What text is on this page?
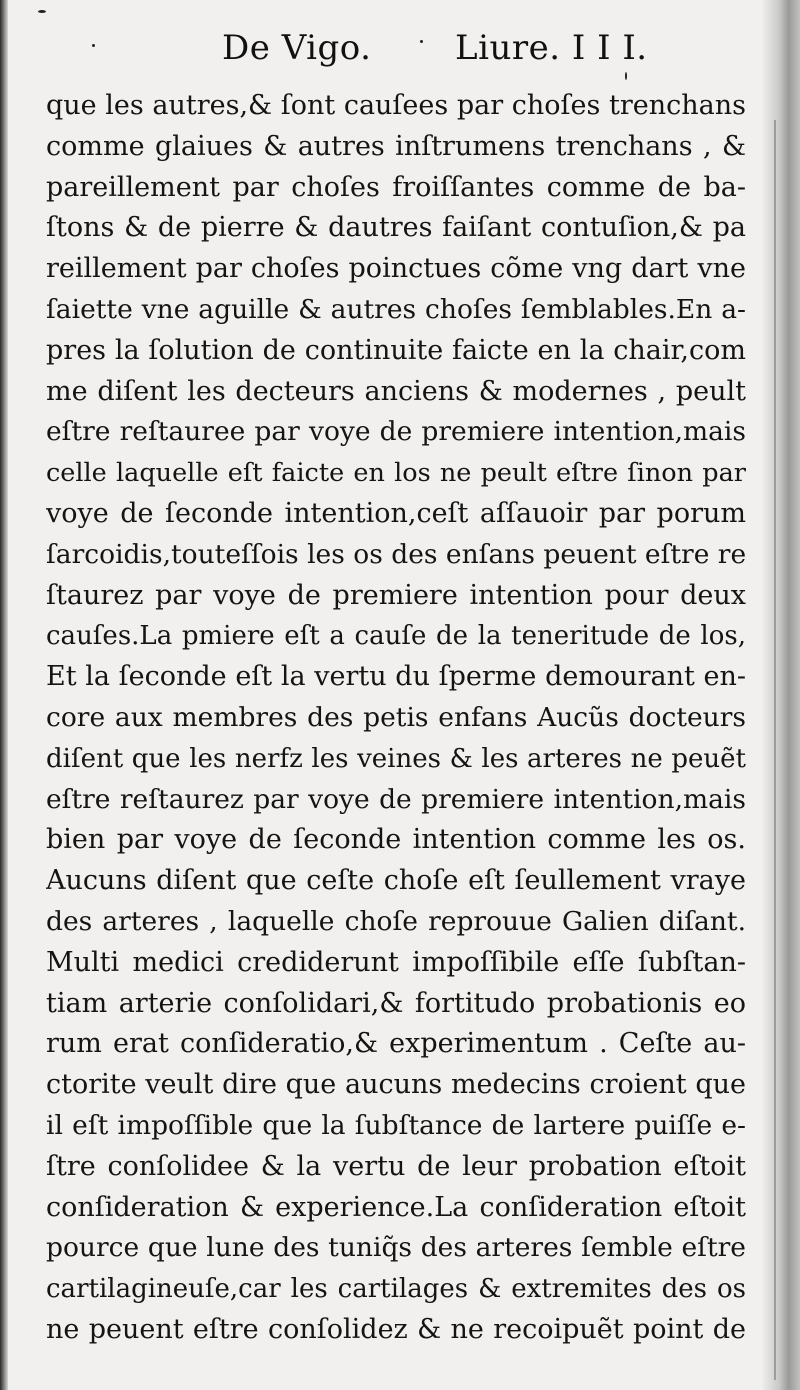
De Vigo. Liure. I I I.
que les autres,& ſont cauſees par choſes trenchans
comme glaiues & autres inſtrumens trenchans , &
pareillement par choſes froiſſantes comme de ba-
ſtons & de pierre & dautres faiſant contuſion,& pa
reillement par choſes poinctues cõme vng dart vne
ſaiette vne aguille & autres choſes ſemblables.En a-
pres la ſolution de continuite faicte en la chair,com
me diſent les decteurs anciens & modernes , peult
eſtre reſtauree par voye de premiere intention,mais
celle laquelle eſt faicte en los ne peult eſtre ſinon par
voye de ſeconde intention,ceſt aſſauoir par porum
ſarcoidis,touteſſois les os des enſans peuent eſtre re
ſtaurez par voye de premiere intention pour deux
cauſes.La pmiere eſt a cauſe de la teneritude de los,
Et la ſeconde eſt la vertu du ſperme demourant en-
core aux membres des petis enfans Aucũs docteurs
diſent que les nerfz les veines & les arteres ne peuẽt
eſtre reſtaurez par voye de premiere intention,mais
bien par voye de ſeconde intention comme les os.
Aucuns diſent que ceſte choſe eſt ſeullement vraye
des arteres , laquelle choſe reprouue Galien diſant.
Multi medici crediderunt impoſſibile eſſe ſubſtan-
tiam arterie conſolidari,& fortitudo probationis eo
rum erat conſideratio,& experimentum . Ceſte au-
ctorite veult dire que aucuns medecins croient que
il eſt impoſſible que la ſubſtance de lartere puiſſe e-
ſtre conſolidee & la vertu de leur probation eſtoit
conſideration & experience.La conſideration eſtoit
pource que lune des tuniq̃s des arteres ſemble eſtre
cartilagineuſe,car les cartilages & extremites des os
ne peuent eſtre conſolidez & ne recoipuẽt point de
